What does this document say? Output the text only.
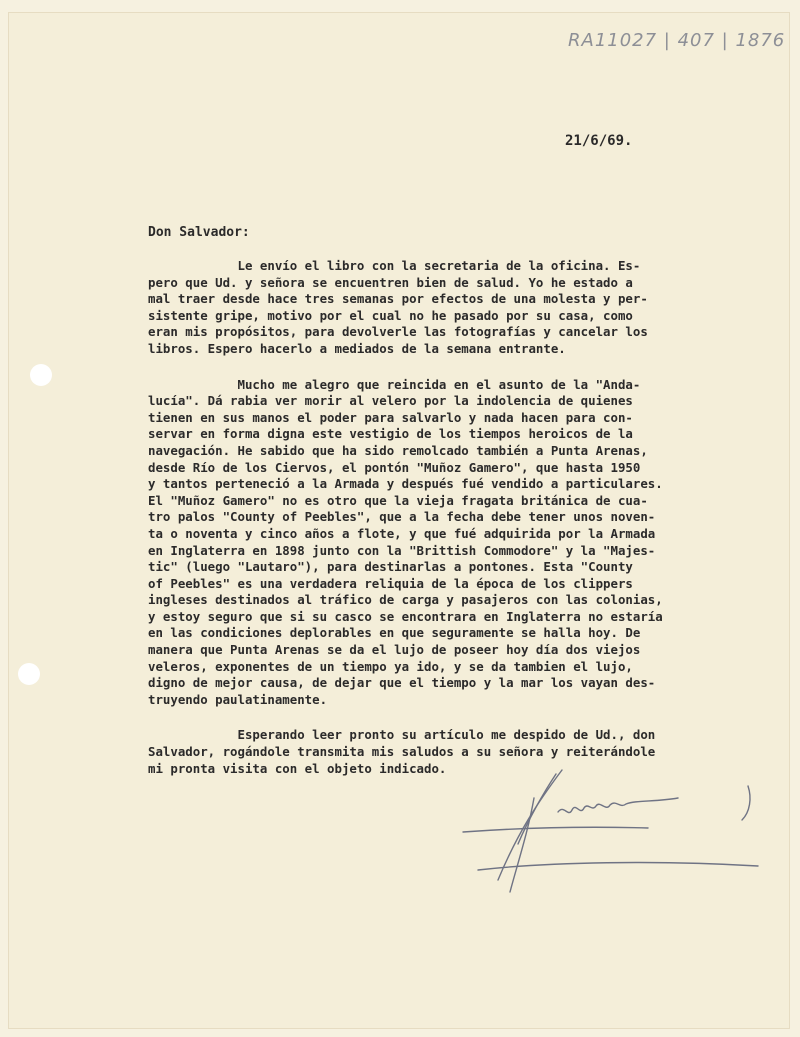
RA11027 | 407 | 1876
21/6/69.
Don Salvador:
Le envío el libro con la secretaria de la oficina. Es-
pero que Ud. y señora se encuentren bien de salud. Yo he estado a
mal traer desde hace tres semanas por efectos de una molesta y per-
sistente gripe, motivo por el cual no he pasado por su casa, como
eran mis propósitos, para devolverle las fotografías y cancelar los
libros. Espero hacerlo a mediados de la semana entrante.
Mucho me alegro que reincida en el asunto de la "Anda-
lucía". Dá rabia ver morir al velero por la indolencia de quienes
tienen en sus manos el poder para salvarlo y nada hacen para con-
servar en forma digna este vestigio de los tiempos heroicos de la
navegación. He sabido que ha sido remolcado también a Punta Arenas,
desde Río de los Ciervos, el pontón "Muñoz Gamero", que hasta 1950
y tantos perteneció a la Armada y después fué vendido a particulares.
El "Muñoz Gamero" no es otro que la vieja fragata británica de cua-
tro palos "County of Peebles", que a la fecha debe tener unos noven-
ta o noventa y cinco años a flote, y que fué adquirida por la Armada
en Inglaterra en 1898 junto con la "Brittish Commodore" y la "Majes-
tic" (luego "Lautaro"), para destinarlas a pontones. Esta "County
of Peebles" es una verdadera reliquia de la época de los clippers
ingleses destinados al tráfico de carga y pasajeros con las colonias,
y estoy seguro que si su casco se encontrara en Inglaterra no estaría
en las condiciones deplorables en que seguramente se halla hoy. De
manera que Punta Arenas se da el lujo de poseer hoy día dos viejos
veleros, exponentes de un tiempo ya ido, y se da tambien el lujo,
digno de mejor causa, de dejar que el tiempo y la mar los vayan des-
truyendo paulatinamente.
Esperando leer pronto su artículo me despido de Ud., don
Salvador, rogándole transmita mis saludos a su señora y reiterándole
mi pronta visita con el objeto indicado.
